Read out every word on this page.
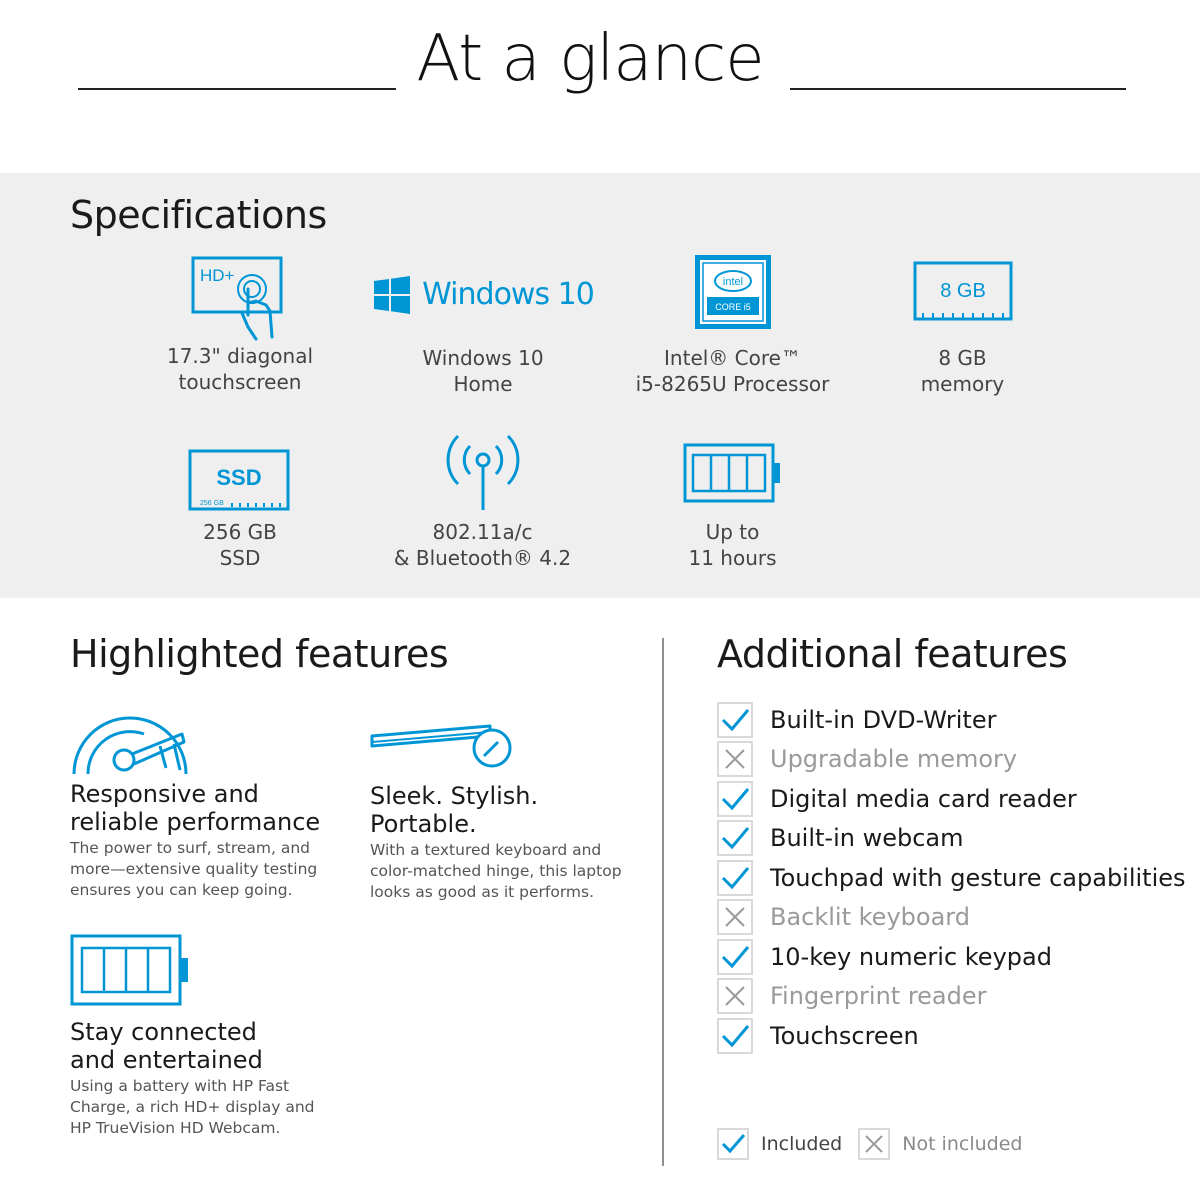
At a glance
Specifications
HD+
17.3" diagonal
touchscreen
Windows 10
Windows 10
Home
intel
CORE i5
Intel® Core™
i5-8265U Processor
8 GB
8 GB
memory
SSD
256 GB
256 GB
SSD
802.11a/c
& Bluetooth® 4.2
Up to
11 hours
Highlighted features
Responsive and
reliable performance
The power to surf, stream, and
more—extensive quality testing
ensures you can keep going.
Sleek. Stylish.
Portable.
With a textured keyboard and
color-matched hinge, this laptop
looks as good as it performs.
Stay connected
and entertained
Using a battery with HP Fast
Charge, a rich HD+ display and
HP TrueVision HD Webcam.
Additional features
Built-in DVD-Writer
Upgradable memory
Digital media card reader
Built-in webcam
Touchpad with gesture capabilities
Backlit keyboard
10-key numeric keypad
Fingerprint reader
Touchscreen
Included	Not included
